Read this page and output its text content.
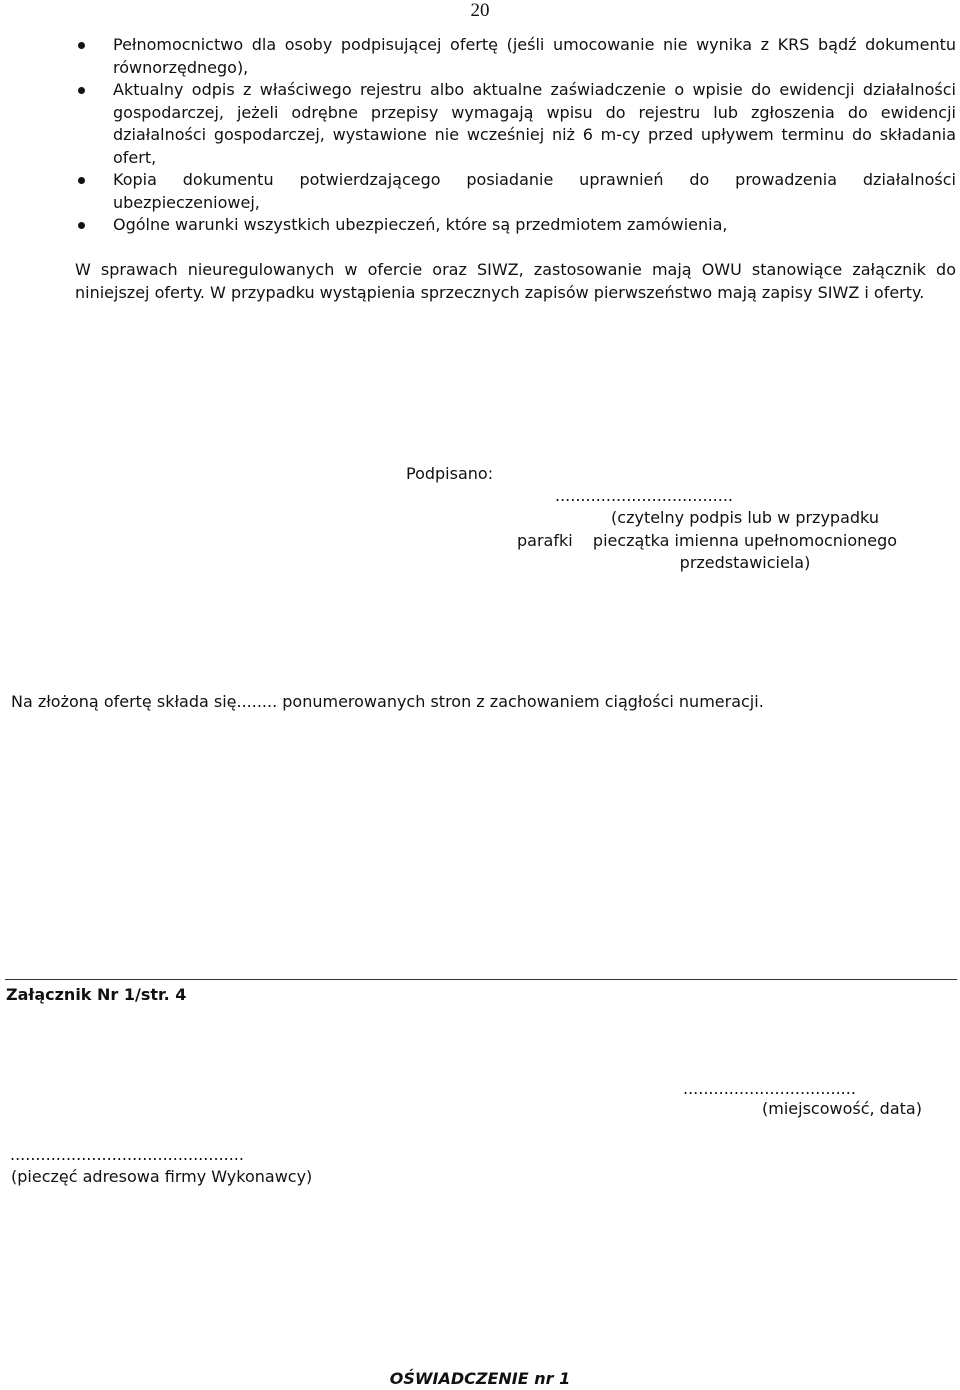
20
Pełnomocnictwo dla osoby podpisującej ofertę (jeśli umocowanie nie wynika z KRS bądź dokumentu równorzędnego),
Aktualny odpis z właściwego rejestru albo aktualne zaświadczenie o wpisie do ewidencji działalności gospodarczej, jeżeli odrębne przepisy wymagają wpisu do rejestru lub zgłoszenia do ewidencji działalności gospodarczej, wystawione nie wcześniej niż 6 m-cy przed upływem terminu do składania ofert,
Kopia dokumentu potwierdzającego posiadanie uprawnień do prowadzenia działalności ubezpieczeniowej,
Ogólne warunki wszystkich ubezpieczeń, które są przedmiotem zamówienia,
W sprawach nieuregulowanych w ofercie oraz SIWZ, zastosowanie mają OWU stanowiące załącznik do niniejszej oferty. W przypadku wystąpienia sprzecznych zapisów pierwszeństwo mają zapisy SIWZ i oferty.
Na złożoną ofertę składa się........ ponumerowanych stron z zachowaniem ciągłości numeracji.
Podpisano:
...................................
(czytelny podpis lub w przypadku
pieczątka imienna upełnomocnionego
przedstawiciela)
parafki
Załącznik Nr 1/str. 4
..................................
(miejscowość, data)
..............................................
(pieczęć adresowa firmy Wykonawcy)
OŚWIADCZENIE nr 1
